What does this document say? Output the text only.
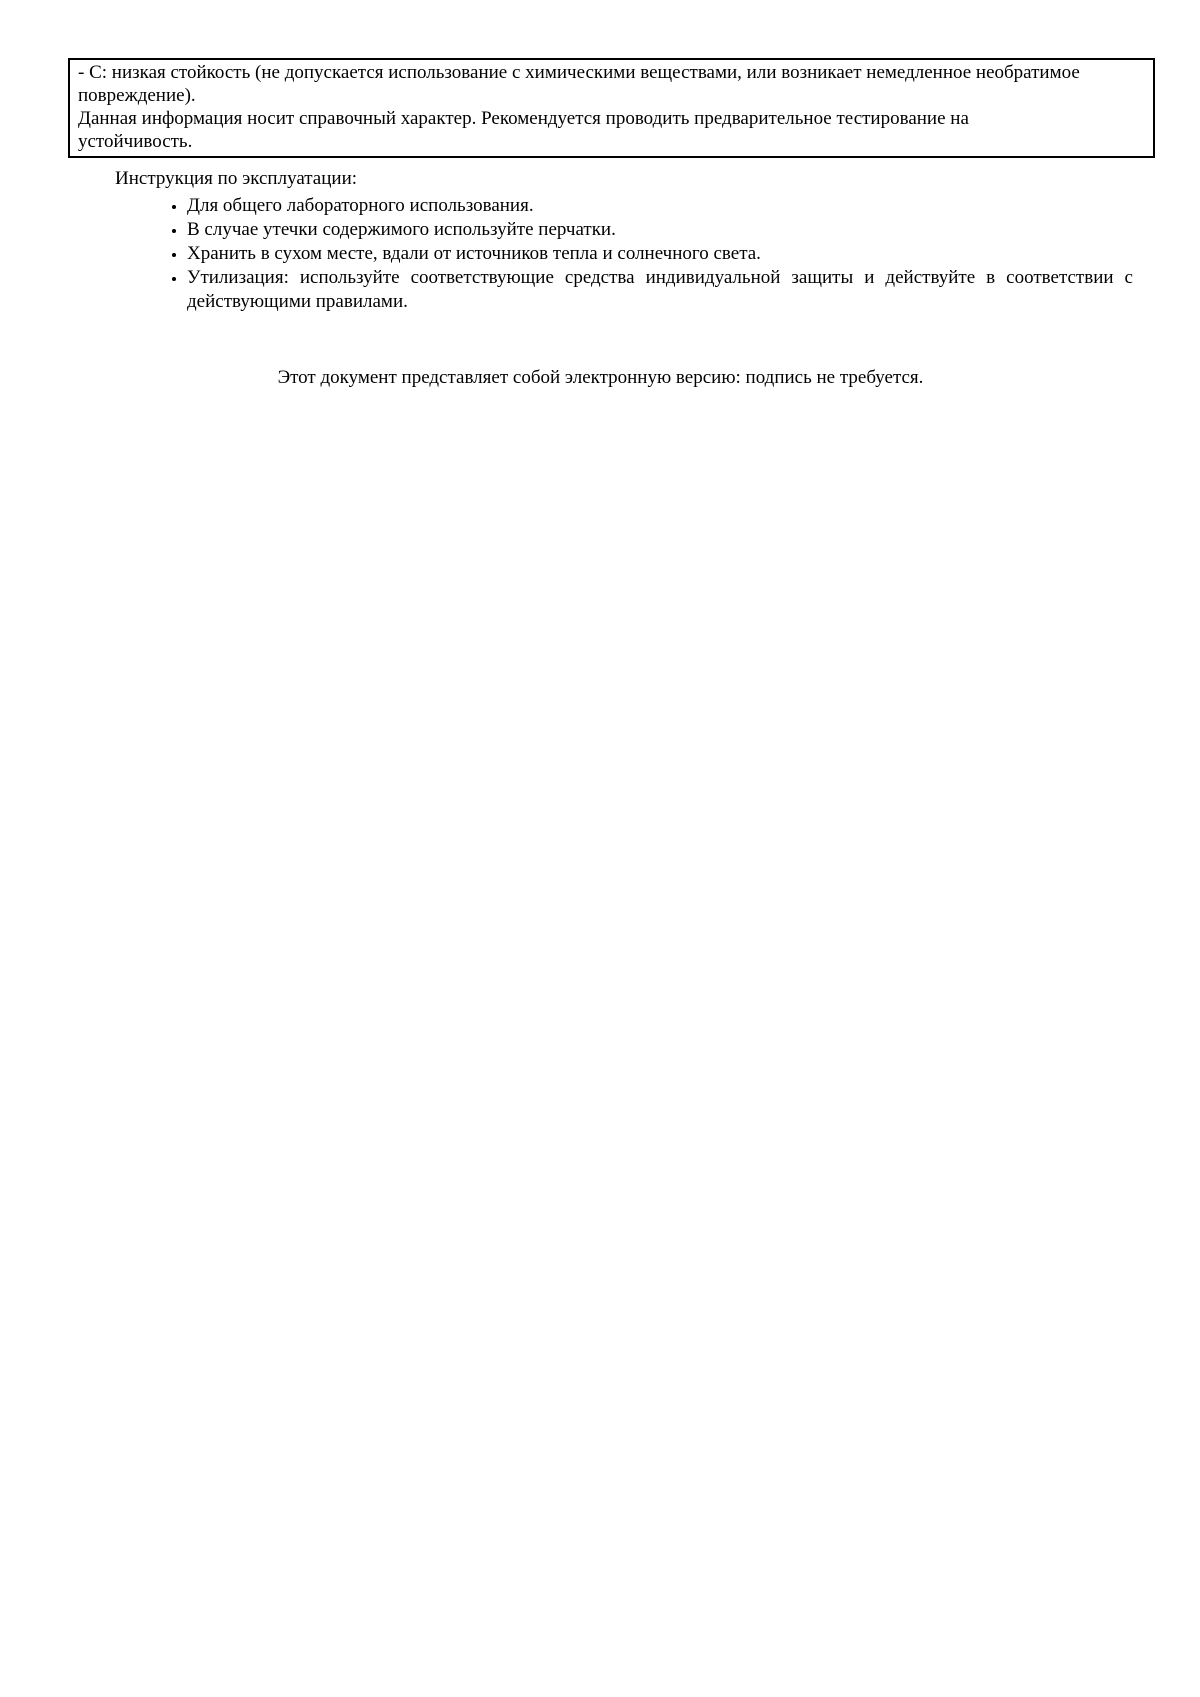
- С: низкая стойкость (не допускается использование с химическими веществами, или возникает немедленное необратимое повреждение).

Данная информация носит справочный характер. Рекомендуется проводить предварительное тестирование на устойчивость.

Инструкция по эксплуатации:

• Для общего лабораторного использования.
• В случае утечки содержимого используйте перчатки.
• Хранить в сухом месте, вдали от источников тепла и солнечного света.
• Утилизация: используйте соответствующие средства индивидуальной защиты и действуйте в соответствии с действующими правилами.

Этот документ представляет собой электронную версию: подпись не требуется.
